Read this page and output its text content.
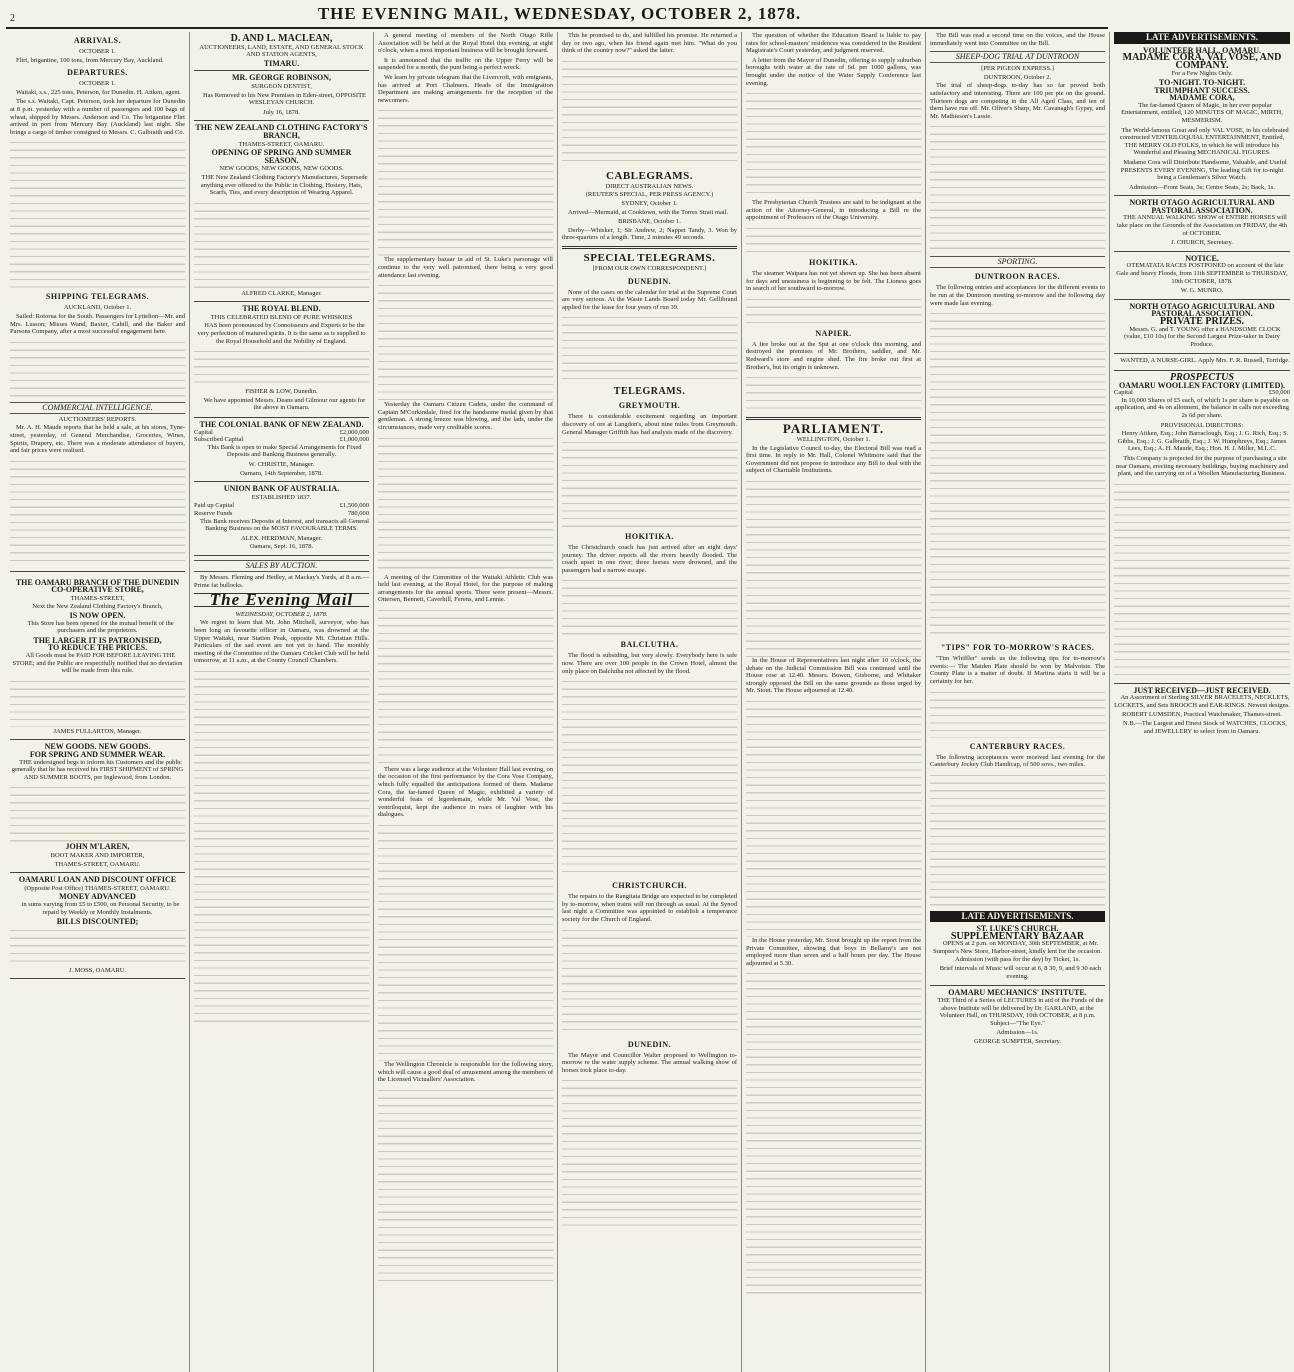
2	THE EVENING MAIL, WEDNESDAY, OCTOBER 2, 1878.
ARRIVALS.
OCTOBER 1.

Flirt, brigantine, 100 tons, from Mercury Bay, Auckland.

DEPARTURES.
OCTOBER 1.

Waitaki, s.s., 225 tons, Peterson, for Dunedin. H. Aitken, agent.

The s.s. Waitaki, Capt. Peterson, took her departure for Dunedin at 8 p.m. yesterday with a number of passengers and 100 bags of wheat, shipped by Messrs. Anderson and Co. The brigantine Flirt arrived in port from Mercury Bay (Auckland) last night. She brings a cargo of timber consigned to Messrs. C. Galbraith and Co.

SHIPPING TELEGRAMS.
AUCKLAND, October 1.

Sailed: Rotorua for the South. Passengers for Lyttelton—Mr. and Mrs. Lusson; Misses Wand, Baxter, Cahill, and the Baker and Parsons Company, after a most successful engagement here.

COMMERCIAL INTELLIGENCE.
AUCTIONEERS' REPORTS.

Mr. A. H. Maude reports that he held a sale, at his stores, Tyne-street, yesterday, of General Merchandise, Groceries, Wines, Spirits, Drapery, etc. There was a moderate attendance of buyers, and fair prices were realised.

THE OAMARU BRANCH OF THE DUNEDIN CO-OPERATIVE STORE,
THAMES-STREET,
Next the New Zealand Clothing Factory's Branch,
IS NOW OPEN.

This Store has been opened for the mutual benefit of the purchasers and the proprietors.

THE LARGER IT IS PATRONISED,
TO REDUCE THE PRICES.

All Goods must be PAID FOR BEFORE LEAVING THE STORE; and the Public are respectfully notified that no deviation will be made from this rule.

JAMES FULLARTON, Manager.
NEW GOODS. NEW GOODS.
FOR SPRING AND SUMMER WEAR.

THE undersigned begs to inform his Customers and the public generally that he has received his FIRST SHIPMENT of SPRING AND SUMMER BOOTS, per Inglewood, from London.

JOHN M'LAREN,
BOOT MAKER AND IMPORTER,
THAMES-STREET, OAMARU.
OAMARU LOAN AND DISCOUNT OFFICE
(Opposite Post Office) THAMES-STREET, OAMARU.
MONEY ADVANCED

in sums varying from £5 to £500, on Personal Security, to be repaid by Weekly or Monthly Instalments.

BILLS DISCOUNTED;
J. MOSS, OAMARU.
D. AND L. MACLEAN,
AUCTIONEERS, LAND, ESTATE, AND GENERAL STOCK AND STATION AGENTS,
TIMARU.
MR. GEORGE ROBINSON,
SURGEON DENTIST,

Has Removed to his New Premises in Eden-street, OPPOSITE WESLEYAN CHURCH.

July 16, 1878.
THE NEW ZEALAND CLOTHING FACTORY'S BRANCH,
THAMES-STREET, OAMARU.
OPENING OF SPRING AND SUMMER SEASON.
NEW GOODS, NEW GOODS, NEW GOODS.

THE New Zealand Clothing Factory's Manufactures, Supersede anything ever offered to the Public in Clothing, Hosiery, Hats, Scarfs, Ties, and every description of Wearing Apparel.

ALFRED CLARKE, Manager.
THE ROYAL BLEND.
THIS CELEBRATED BLEND OF PURE WHISKIES

HAS been pronounced by Connoisseurs and Experts to be the very perfection of matured spirits. It is the same as is supplied to the Royal Household and the Nobility of England.

FISHER & LOW, Dunedin.

We have appointed Messrs. Deans and Gilmour our agents for the above in Oamaru.

THE COLONIAL BANK OF NEW ZEALAND.
Capital	£2,000,000
Subscribed Capital	£1,000,000

This Bank is open to make Special Arrangements for Fixed Deposits and Banking Business generally.

W. CHRISTIE, Manager.
Oamaru, 14th September, 1878.
UNION BANK OF AUSTRALIA.
ESTABLISHED 1837.
Paid up Capital	£1,500,000
Reserve Funds	780,000

This Bank receives Deposits at Interest, and transacts all General Banking Business on the MOST FAVOURABLE TERMS.

ALEX. HERDMAN, Manager.
Oamaru, Sept. 16, 1878.
SALES BY AUCTION.

By Messrs. Fleming and Hedley, at Mackay's Yards, at 8 a.m.—Prime fat bullocks.

The Evening Mail
WEDNESDAY, OCTOBER 2, 1878.

We regret to learn that Mr. John Mitchell, surveyor, who has been long an favourite officer in Oamaru, was drowned at the Upper Waitaki, near Station Peak, opposite Mt. Christian Hills. Particulars of the sad event are not yet to hand. The monthly meeting of the Committee of the Oamaru Cricket Club will be held tomorrow, at 11 a.m., at the County Council Chambers.

A general meeting of members of the North Otago Rifle Association will be held at the Royal Hotel this evening, at eight o'clock, when a most important business will be brought forward.

It is announced that the traffic on the Upper Ferry will be suspended for a month, the punt being a perfect wreck.

We learn by private telegram that the Livercroft, with emigrants, has arrived at Port Chalmers. Heads of the Immigration Department are making arrangements for the reception of the newcomers.

The supplementary bazaar in aid of St. Luke's parsonage will continue to the very well patronised, there being a very good attendance last evening.

Yesterday the Oamaru Citizen Cadets, under the command of Captain M'Corkindale, fired for the handsome medal given by that gentleman. A strong breeze was blowing, and the lads, under the circumstances, made very creditable scores.

A meeting of the Committee of the Waitaki Athletic Club was held last evening, at the Royal Hotel, for the purpose of making arrangements for the annual sports. There were present—Messrs. Ottersen, Bennett, Caverhill, Ferens, and Lennie.

There was a large audience at the Volunteer Hall last evening, on the occasion of the first performance by the Cora Vose Company, which fully equalled the anticipations formed of them. Madame Cora, the far-famed Queen of Magic, exhibited a variety of wonderful feats of legerdemain, while Mr. Val Vose, the ventriloquist, kept the audience in roars of laughter with his dialogues.

The Wellington Chronicle is responsible for the following story, which will cause a good deal of amusement among the members of the Licensed Victuallers' Association.

This he promised to do, and fulfilled his promise. He returned a day or two ago, when his friend again met him. "What do you think of the country now?" asked the latter.

CABLEGRAMS.
DIRECT AUSTRALIAN NEWS.
(REUTER'S SPECIAL, PER PRESS AGENCY.)
SYDNEY, October 1.

Arrived—Mermaid, at Cooktown, with the Torres Strait mail.

BRISBANE, October 1.

Derby—Whisker, 1; Sir Andrew, 2; Nappet Tandy, 3. Won by three-quarters of a length. Time, 2 minutes 49 seconds.

SPECIAL TELEGRAMS.
[FROM OUR OWN CORRESPONDENT.]
DUNEDIN.

None of the cases on the calendar for trial at the Supreme Court are very serious. At the Waste Lands Board today Mr. Gellibrand applied for the lease for four years of run 39.

TELEGRAMS.
GREYMOUTH.

There is considerable excitement regarding an important discovery of ore at Langdon's, about nine miles from Greymouth. General Manager Griffith has had analysis made of the discovery.

HOKITIKA.

The Christchurch coach has just arrived after an eight days' journey. The driver reports all the rivers heavily flooded. The coach upset in one river; three horses were drowned, and the passengers had a narrow escape.

BALCLUTHA.

The flood is subsiding, but very slowly. Everybody here is safe now. There are over 100 people in the Crown Hotel, almost the only place on Balclutha not affected by the flood.

CHRISTCHURCH.

The repairs to the Rangitata Bridge are expected to be completed by to-morrow, when trains will run through as usual. At the Synod last night a Committee was appointed to establish a temperance society for the Church of England.

DUNEDIN.

The Mayor and Councillor Walter proposed to Wellington to-morrow re the water supply scheme. The annual walking show of horses took place to-day.

The question of whether the Education Board is liable to pay rates for school-masters' residences was considered in the Resident Magistrate's Court yesterday, and judgment reserved.

A letter from the Mayor of Dunedin, offering to supply suburban boroughs with water at the rate of 6d. per 1000 gallons, was brought under the notice of the Water Supply Conference last evening.

The Presbyterian Church Trustees are said to be indignant at the action of the Attorney-General, in introducing a Bill re the appointment of Professors of the Otago University.

HOKITIKA.

The steamer Waipara has not yet shown up. She has been absent for days and uneasiness is beginning to be felt. The Lioness goes in search of her southward to-morrow.

NAPIER.

A fire broke out at the Spit at one o'clock this morning, and destroyed the premises of Mr. Brothers, saddler, and Mr. Redward's store and engine shed. The fire broke out first at Brother's, but its origin is unknown.

PARLIAMENT.
WELLINGTON, October 1.

In the Legislative Council to-day, the Electoral Bill was read a first time. In reply to Mr. Hall, Colonel Whitmore said that the Government did not propose to introduce any Bill to deal with the subject of Charitable Institutions.

In the House of Representatives last night after 10 o'clock, the debate on the Judicial Commission Bill was continued until the House rose at 12.40. Messrs. Bowen, Gisborne, and Whitaker strongly opposed the Bill on the same grounds as those urged by Mr. Stout. The House adjourned at 12.40.

In the House yesterday, Mr. Stout brought up the report from the Private Committee, showing that boys in Bellamy's are not employed more than seven and a half hours per day. The House adjourned at 5.30.

The Bill was read a second time on the voices, and the House immediately went into Committee on the Bill.

SHEEP-DOG TRIAL AT DUNTROON
[PER PIGEON EXPRESS.]
DUNTROON, October 2.

The trial of sheep-dogs to-day has so far proved both satisfactory and interesting. There are 100 per pie on the ground. Thirteen dogs are competing in the All Aged Class, and ten of them have run off. Mr. Oliver's Sharp, Mr. Cavanagh's Gypsy, and Mr. Mathieson's Lassie.

SPORTING.
DUNTROON RACES.

The following entries and acceptances for the different events to be run at the Duntroon meeting to-morrow and the following day were made last evening.

"TIPS" FOR TO-MORROW'S RACES.

"Tim Whiffler" sends us the following tips for to-morrow's events:— The Maiden Plate should be won by Malvoisie. The County Plate is a matter of doubt. If Martina starts it will be a certainty for her.

CANTERBURY RACES.

The following acceptances were received last evening for the Canterbury Jockey Club Handicap, of 500 sovs., two miles.

LATE ADVERTISEMENTS.
ST. LUKE'S CHURCH.
SUPPLEMENTARY BAZAAR

OPENS at 2 p.m. on MONDAY, 30th SEPTEMBER, at Mr. Sumpter's New Store, Harbor-street, kindly lent for the occasion. Admission (with pass for the day) by Ticket, 1s.

Brief intervals of Music will occur at 6, 8 30, 9, and 9 30 each evening.

OAMARU MECHANICS' INSTITUTE.

THE Third of a Series of LECTURES in aid of the Funds of the above Institute will be delivered by Dr. GARLAND, at the Volunteer Hall, on THURSDAY, 10th OCTOBER, at 8 p.m. Subject—"The Eye."

Admission—1s.
GEORGE SUMPTER, Secretary.
LATE ADVERTISEMENTS.
VOLUNTEER HALL, OAMARU.
MADAME CORA, VAL VOSE, AND COMPANY.
For a Few Nights Only.
TO-NIGHT. TO-NIGHT.
TRIUMPHANT SUCCESS.
MADAME CORA,

The far-famed Queen of Magic, in her ever popular Entertainment, entitled, 120 MINUTES OF MAGIC, MIRTH, MESMERISM.

The World-famous Great and only VAL VOSE, in his celebrated constructed VENTRILOQUIAL ENTERTAINMENT, Entitled, THE MERRY OLD FOLKS, in which he will introduce his Wonderful and Pleasing MECHANICAL FIGURES.

Madame Cora will Distribute Handsome, Valuable, and Useful PRESENTS EVERY EVENING, The leading Gift for to-night being a Gentleman's Silver Watch.

Admission—Front Seats, 3s; Centre Seats, 2s; Back, 1s.
NORTH OTAGO AGRICULTURAL AND PASTORAL ASSOCIATION.

THE ANNUAL WALKING SHOW of ENTIRE HORSES will take place on the Grounds of the Association on FRIDAY, the 4th of OCTOBER.

J. CHURCH, Secretary.
NOTICE.

OTEMATATA RACES POSTPONED on account of the late Gale and heavy Floods, from 11th SEPTEMBER to THURSDAY, 10th OCTOBER, 1878.

W. G. MUNRO.
NORTH OTAGO AGRICULTURAL AND PASTORAL ASSOCIATION.
PRIVATE PRIZES.

Messrs. G. and T. YOUNG offer a HANDSOME CLOCK (value, £10 10s) for the Second Largest Prize-taker in Dairy Produce.

WANTED, A NURSE-GIRL. Apply Mrs. F. R. Russell, Torridge.

PROSPECTUS
OAMARU WOOLLEN FACTORY (LIMITED).
Capital	£50,000

In 10,000 Shares of £5 each, of which 1s per share is payable on application, and 4s on allotment, the balance in calls not exceeding 2s 6d per share.

PROVISIONAL DIRECTORS:

Henry Aitken, Esq.; John Barraclough, Esq.; J. G. Rich, Esq.; S. Gibbs, Esq.; J. G. Galbraith, Esq.; J. W. Humphreys, Esq.; James Lees, Esq.; A. H. Maude, Esq.; Hon. H. J. Miller, M.L.C.

This Company is projected for the purpose of purchasing a site near Oamaru, erecting necessary buildings, buying machinery and plant, and the carrying on of a Woollen Manufacturing Business.

JUST RECEIVED—JUST RECEIVED.

An Assortment of Sterling SILVER BRACELETS, NECKLETS, LOCKETS, and Sets BROOCH and EAR-RINGS. Newest designs.

ROBERT LUMSDEN, Practical Watchmaker, Thames-street.

N.B.—The Largest and Finest Stock of WATCHES, CLOCKS, and JEWELLERY to select from in Oamaru.
